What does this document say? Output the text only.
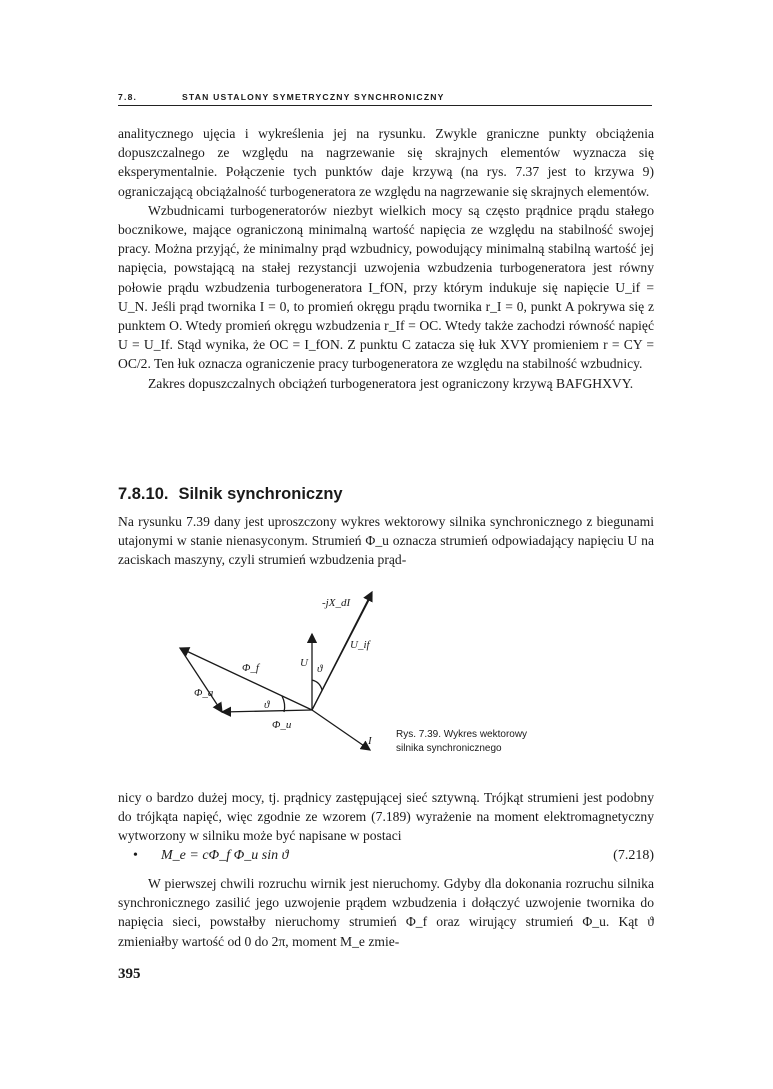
7.8.	STAN USTALONY SYMETRYCZNY SYNCHRONICZNY

analitycznego ujęcia i wykreślenia jej na rysunku. Zwykle graniczne punkty obciążenia dopuszczalnego ze względu na nagrzewanie się skrajnych elementów wyznacza się eksperymentalnie. Połączenie tych punktów daje krzywą (na rys. 7.37 jest to krzywa 9) ograniczającą obciążalność turbogeneratora ze względu na nagrzewanie się skrajnych elementów.

Wzbudnicami turbogeneratorów niezbyt wielkich mocy są często prądnice prądu stałego bocznikowe, mające ograniczoną minimalną wartość napięcia ze względu na stabilność swojej pracy. Można przyjąć, że minimalny prąd wzbudnicy, powodujący minimalną stabilną wartość jej napięcia, powstającą na stałej rezystancji uzwojenia wzbudzenia turbogeneratora jest równy połowie prądu wzbudzenia turbogeneratora I_fON, przy którym indukuje się napięcie U_if = U_N. Jeśli prąd twornika I = 0, to promień okręgu prądu twornika r_I = 0, punkt A pokrywa się z punktem O. Wtedy promień okręgu wzbudzenia r_If = OC. Wtedy także zachodzi równość napięć U = U_If. Stąd wynika, że OC = I_fON. Z punktu C zatacza się łuk XVY promieniem r = CY = OC/2. Ten łuk oznacza ograniczenie pracy turbogeneratora ze względu na stabilność wzbudnicy.

Zakres dopuszczalnych obciążeń turbogeneratora jest ograniczony krzywą BAFGHXVY.

7.8.10. Silnik synchroniczny

Na rysunku 7.39 dany jest uproszczony wykres wektorowy silnika synchronicznego z biegunami utajonymi w stanie nienasyconym. Strumień Φ_u oznacza strumień odpowiadający napięciu U na zaciskach maszyny, czyli strumień wzbudzenia prąd-

-jX_dI
U_if
U ϑ
Φ_f
Φ_a
ϑ
Φ_u
I
Rys. 7.39. Wykres wektorowy
silnika synchronicznego

nicy o bardzo dużej mocy, tj. prądnicy zastępującej sieć sztywną. Trójkąt strumieni jest podobny do trójkąta napięć, więc zgodnie ze wzorem (7.189) wyrażenie na moment elektromagnetyczny wytworzony w silniku może być napisane w postaci

• M_e = cΦ_f Φ_u sin ϑ	(7.218)

W pierwszej chwili rozruchu wirnik jest nieruchomy. Gdyby dla dokonania rozruchu silnika synchronicznego zasilić jego uzwojenie prądem wzbudzenia i dołączyć uzwojenie twornika do napięcia sieci, powstałby nieruchomy strumień Φ_f oraz wirujący strumień Φ_u. Kąt ϑ zmieniałby wartość od 0 do 2π, moment M_e zmie-

395
